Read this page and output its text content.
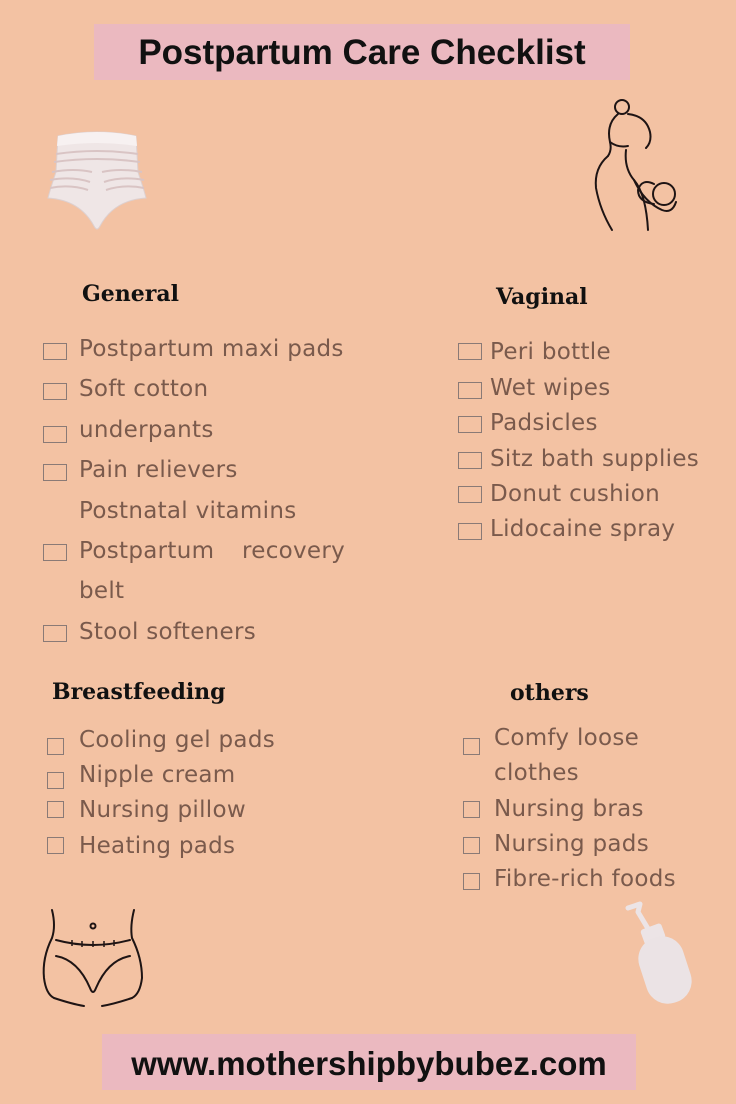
Postpartum Care Checklist
General
Postpartum maxi pads
Soft cotton
underpants
Pain relievers
Postnatal vitamins
Postpartum recovery
belt
Stool softeners
Vaginal
Peri bottle
Wet wipes
Padsicles
Sitz bath supplies
Donut cushion
Lidocaine spray
Breastfeeding
Cooling gel pads
Nipple cream
Nursing pillow
Heating pads
others
Comfy loose
clothes
Nursing bras
Nursing pads
Fibre-rich foods
www.mothershipbybubez.com
